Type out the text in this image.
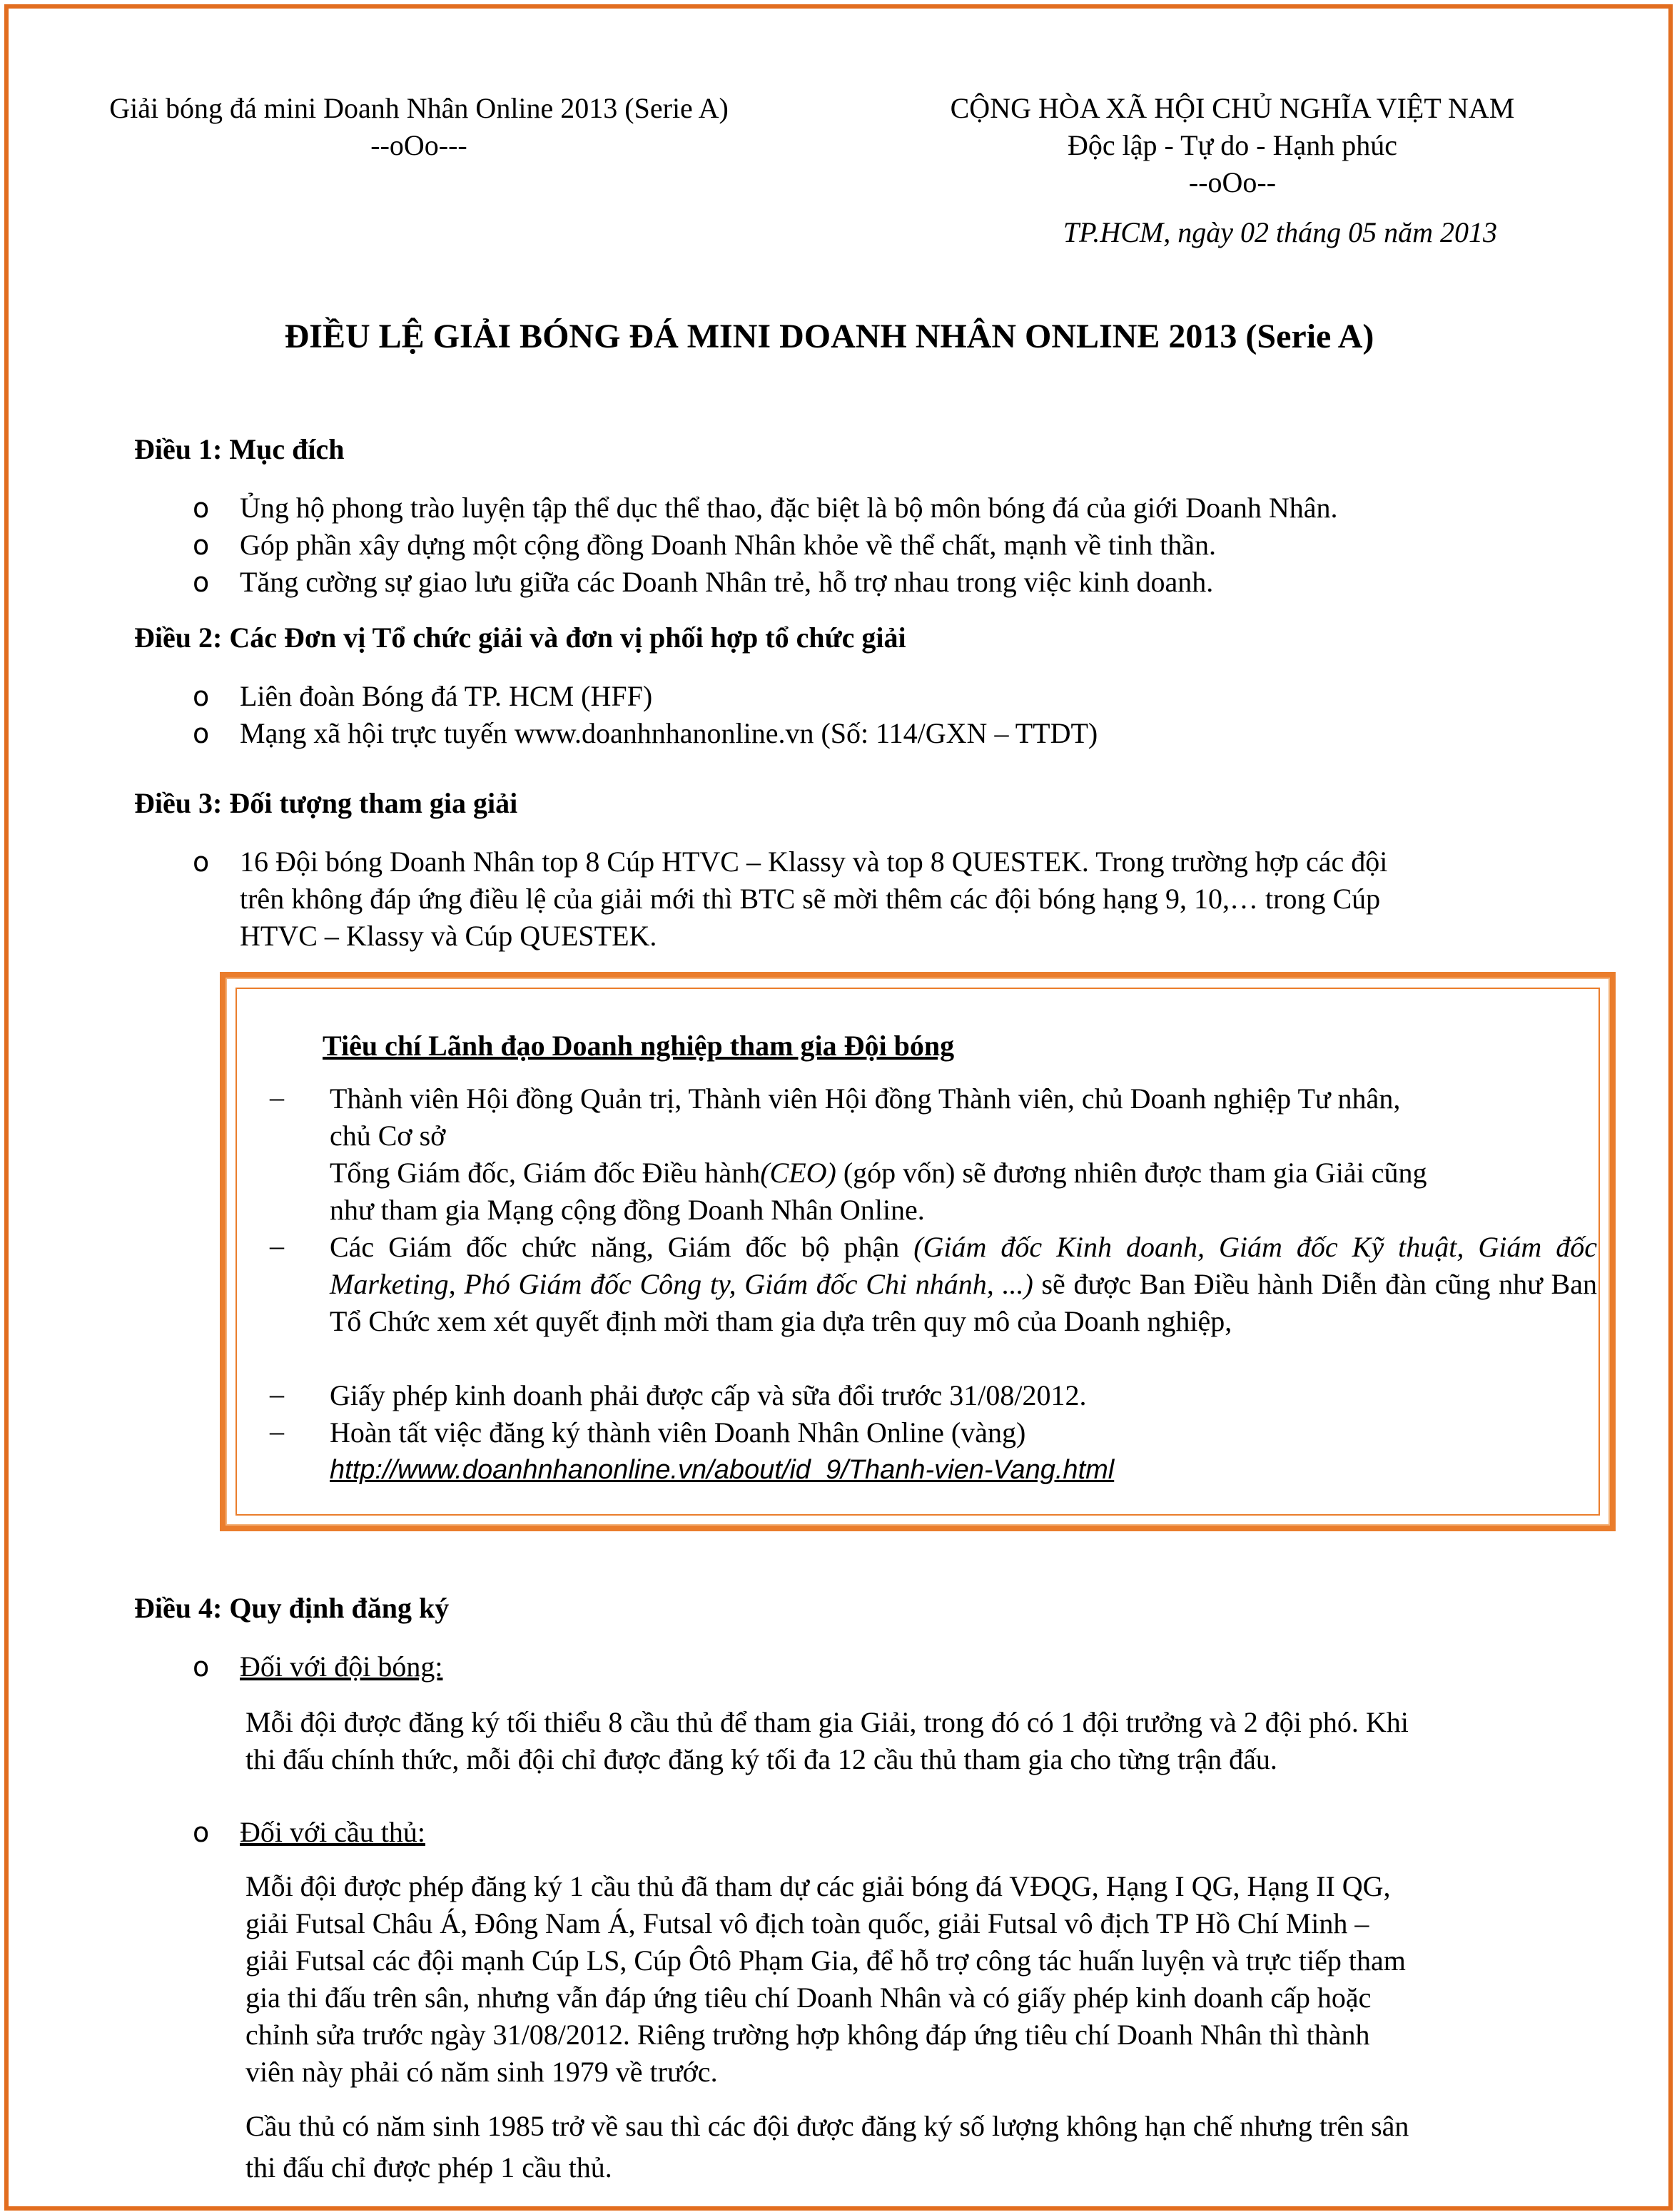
Giải bóng đá mini Doanh Nhân Online 2013 (Serie A)
--oOo---
CỘNG HÒA XÃ HỘI CHỦ NGHĨA VIỆT NAM
Độc lập - Tự do - Hạnh phúc
--oOo--
TP.HCM, ngày 02 tháng 05 năm 2013
ĐIỀU LỆ GIẢI BÓNG ĐÁ MINI DOANH NHÂN ONLINE 2013 (Serie A)
Điều 1: Mục đích
o Ủng hộ phong trào luyện tập thể dục thể thao, đặc biệt là bộ môn bóng đá của giới Doanh Nhân.
o Góp phần xây dựng một cộng đồng Doanh Nhân khỏe về thể chất, mạnh về tinh thần.
o Tăng cường sự giao lưu giữa các Doanh Nhân trẻ, hỗ trợ nhau trong việc kinh doanh.
Điều 2: Các Đơn vị Tổ chức giải và đơn vị phối hợp tổ chức giải
o Liên đoàn Bóng đá TP. HCM (HFF)
o Mạng xã hội trực tuyến www.doanhnhanonline.vn (Số: 114/GXN – TTDT)
Điều 3: Đối tượng tham gia giải
o 16 Đội bóng Doanh Nhân top 8 Cúp HTVC – Klassy và top 8 QUESTEK. Trong trường hợp các đội
trên không đáp ứng điều lệ của giải mới thì BTC sẽ mời thêm các đội bóng hạng 9, 10,… trong Cúp
HTVC – Klassy và Cúp QUESTEK.
Tiêu chí Lãnh đạo Doanh nghiệp tham gia Đội bóng
– Thành viên Hội đồng Quản trị, Thành viên Hội đồng Thành viên, chủ Doanh nghiệp Tư nhân,
chủ Cơ sở
Tổng Giám đốc, Giám đốc Điều hành(CEO) (góp vốn) sẽ đương nhiên được tham gia Giải cũng
như tham gia Mạng cộng đồng Doanh Nhân Online.
– Các Giám đốc chức năng, Giám đốc bộ phận (Giám đốc Kinh doanh, Giám đốc Kỹ thuật, Giám đốc Marketing, Phó Giám đốc Công ty, Giám đốc Chi nhánh, ...) sẽ được Ban Điều hành Diễn đàn cũng như Ban Tổ Chức xem xét quyết định mời tham gia dựa trên quy mô của Doanh nghiệp,
– Giấy phép kinh doanh phải được cấp và sữa đổi trước 31/08/2012.
– Hoàn tất việc đăng ký thành viên Doanh Nhân Online (vàng)
http://www.doanhnhanonline.vn/about/id_9/Thanh-vien-Vang.html
Điều 4: Quy định đăng ký
o Đối với đội bóng:
Mỗi đội được đăng ký tối thiểu 8 cầu thủ để tham gia Giải, trong đó có 1 đội trưởng và 2 đội phó. Khi
thi đấu chính thức, mỗi đội chỉ được đăng ký tối đa 12 cầu thủ tham gia cho từng trận đấu.
o Đối với cầu thủ:
Mỗi đội được phép đăng ký 1 cầu thủ đã tham dự các giải bóng đá VĐQG, Hạng I QG, Hạng II QG,
giải Futsal Châu Á, Đông Nam Á, Futsal vô địch toàn quốc, giải Futsal vô địch TP Hồ Chí Minh –
giải Futsal các đội mạnh Cúp LS, Cúp Ôtô Phạm Gia, để hỗ trợ công tác huấn luyện và trực tiếp tham
gia thi đấu trên sân, nhưng vẫn đáp ứng tiêu chí Doanh Nhân và có giấy phép kinh doanh cấp hoặc
chỉnh sửa trước ngày 31/08/2012. Riêng trường hợp không đáp ứng tiêu chí Doanh Nhân thì thành
viên này phải có năm sinh 1979 về trước.
Cầu thủ có năm sinh 1985 trở về sau thì các đội được đăng ký số lượng không hạn chế nhưng trên sân
thi đấu chỉ được phép 1 cầu thủ.
